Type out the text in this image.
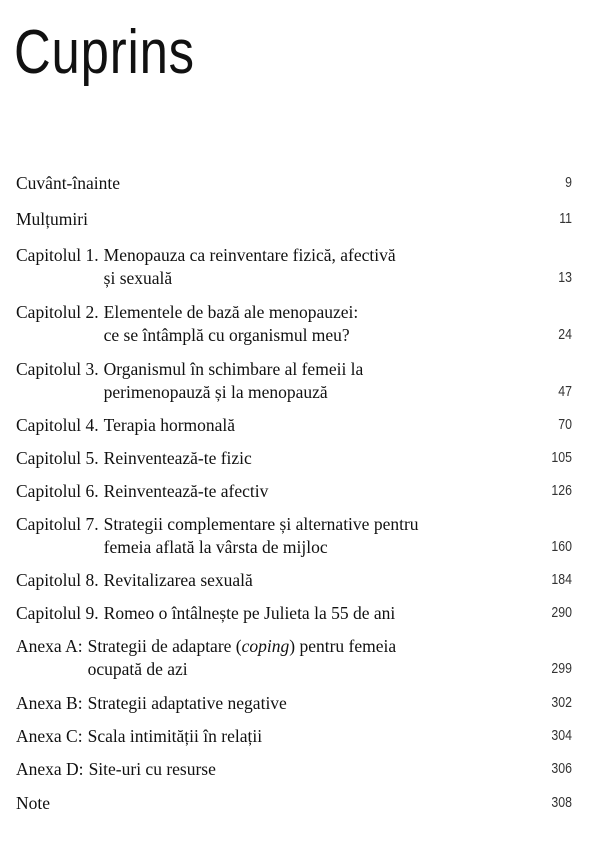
Cuprins
Cuvânt-înainte	9
Mulțumiri	11
Capitolul 1. Menopauza ca reinventare fizică, afectivă
și sexuală	13
Capitolul 2. Elementele de bază ale menopauzei:
ce se întâmplă cu organismul meu?	24
Capitolul 3. Organismul în schimbare al femeii la
perimenopauză și la menopauză	47
Capitolul 4. Terapia hormonală	70
Capitolul 5. Reinventează-te fizic	105
Capitolul 6. Reinventează-te afectiv	126
Capitolul 7. Strategii complementare și alternative pentru
femeia aflată la vârsta de mijloc	160
Capitolul 8. Revitalizarea sexuală	184
Capitolul 9. Romeo o întâlnește pe Julieta la 55 de ani	290
Anexa A: Strategii de adaptare (coping) pentru femeia
ocupată de azi	299
Anexa B: Strategii adaptative negative	302
Anexa C: Scala intimității în relații	304
Anexa D: Site-uri cu resurse	306
Note	308
